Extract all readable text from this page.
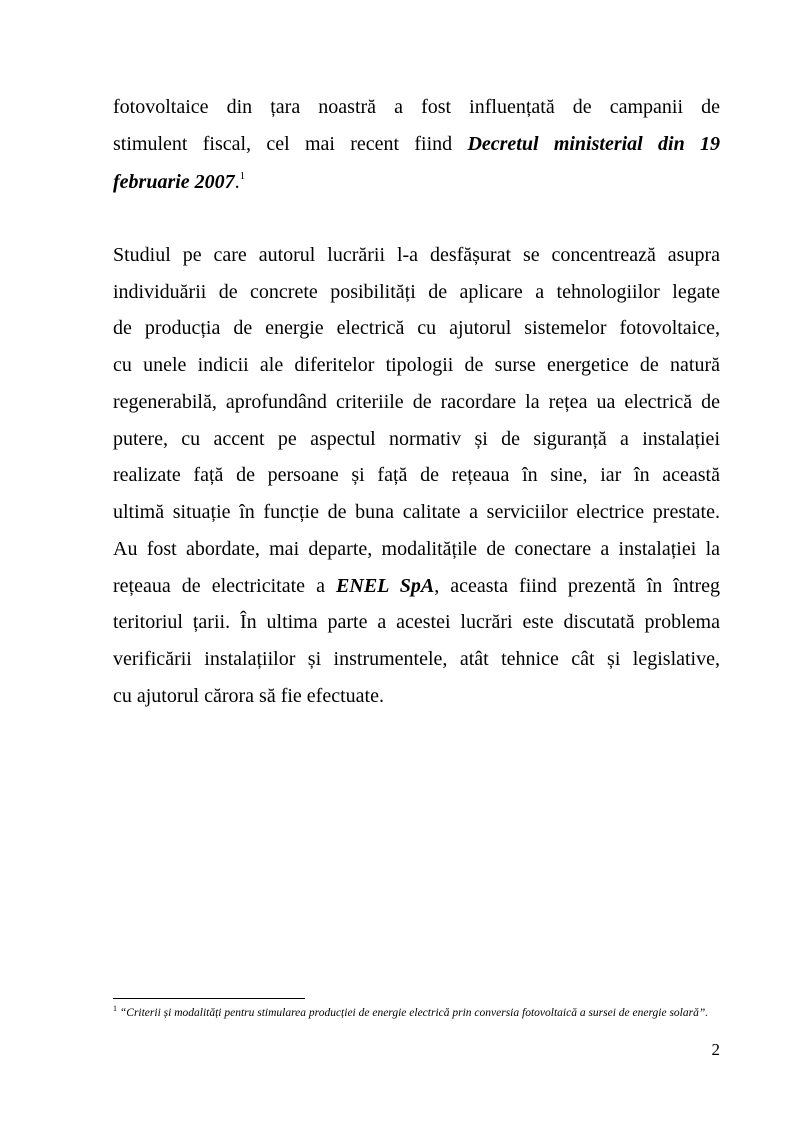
fotovoltaice din țara noastră a fost influențată de campanii de
stimulent fiscal, cel mai recent fiind Decretul ministerial din 19
februarie 2007.$^1$
Studiul pe care autorul lucrării l-a desfășurat se concentrează asupra
individuării de concrete posibilități de aplicare a tehnologiilor legate
de producția de energie electrică cu ajutorul sistemelor fotovoltaice,
cu unele indicii ale diferitelor tipologii de surse energetice de natură
regenerabilă, aprofundând criteriile de racordare la rețea ua electrică de
putere, cu accent pe aspectul normativ și de siguranță a instalației
realizate față de persoane și față de rețeaua în sine, iar în această
ultimă situație în funcție de buna calitate a serviciilor electrice prestate.
Au fost abordate, mai departe, modalitățile de conectare a instalației la
rețeaua de electricitate a ENEL SpA, aceasta fiind prezentă în întreg
teritoriul țarii. În ultima parte a acestei lucrări este discutată problema
verificării instalațiilor și instrumentele, atât tehnice cât și legislative,
cu ajutorul cărora să fie efectuate.
$^1$ “Criterii și modalități pentru stimularea producției de energie electrică prin conversia fotovoltaică a sursei de energie solară”.
2
